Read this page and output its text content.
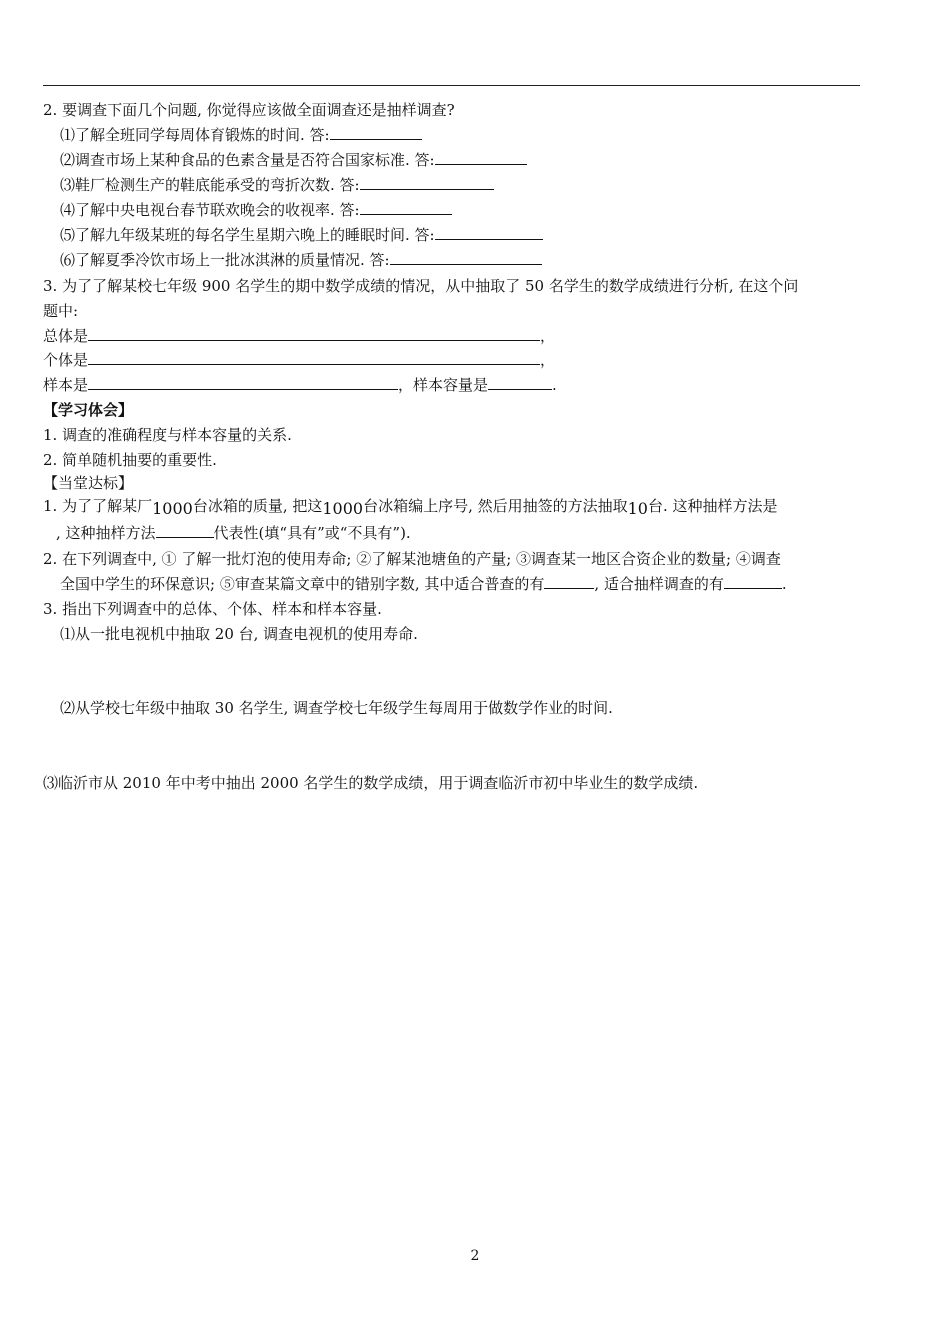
2. 要调查下面几个问题, 你觉得应该做全面调查还是抽样调查?
⑴了解全班同学每周体育锻炼的时间. 答:
⑵调查市场上某种食品的色素含量是否符合国家标准. 答:
⑶鞋厂检测生产的鞋底能承受的弯折次数. 答:
⑷了解中央电视台春节联欢晚会的收视率. 答:
⑸了解九年级某班的每名学生星期六晚上的睡眠时间. 答:
⑹了解夏季冷饮市场上一批冰淇淋的质量情况. 答:
3. 为了了解某校七年级 900 名学生的期中数学成绩的情况，从中抽取了 50 名学生的数学成绩进行分析, 在这个问
题中:
总体是	，
个体是	，
样本是	，样本容量是	.
【学习体会】
1. 调查的准确程度与样本容量的关系.
2. 简单随机抽要的重要性.
【当堂达标】
1. 为了了解某厂1000台冰箱的质量, 把这1000台冰箱编上序号, 然后用抽签的方法抽取10台. 这种抽样方法是
, 这种抽样方法	代表性(填“具有”或“不具有”).
2. 在下列调查中, ① 了解一批灯泡的使用寿命; ②了解某池塘鱼的产量; ③调查某一地区合资企业的数量; ④调查
全国中学生的环保意识; ⑤审查某篇文章中的错别字数, 其中适合普查的有	, 适合抽样调查的有	.
3. 指出下列调查中的总体、个体、样本和样本容量.
⑴从一批电视机中抽取 20 台, 调查电视机的使用寿命.
⑵从学校七年级中抽取 30 名学生, 调查学校七年级学生每周用于做数学作业的时间.
⑶临沂市从 2010 年中考中抽出 2000 名学生的数学成绩，用于调查临沂市初中毕业生的数学成绩.
2
